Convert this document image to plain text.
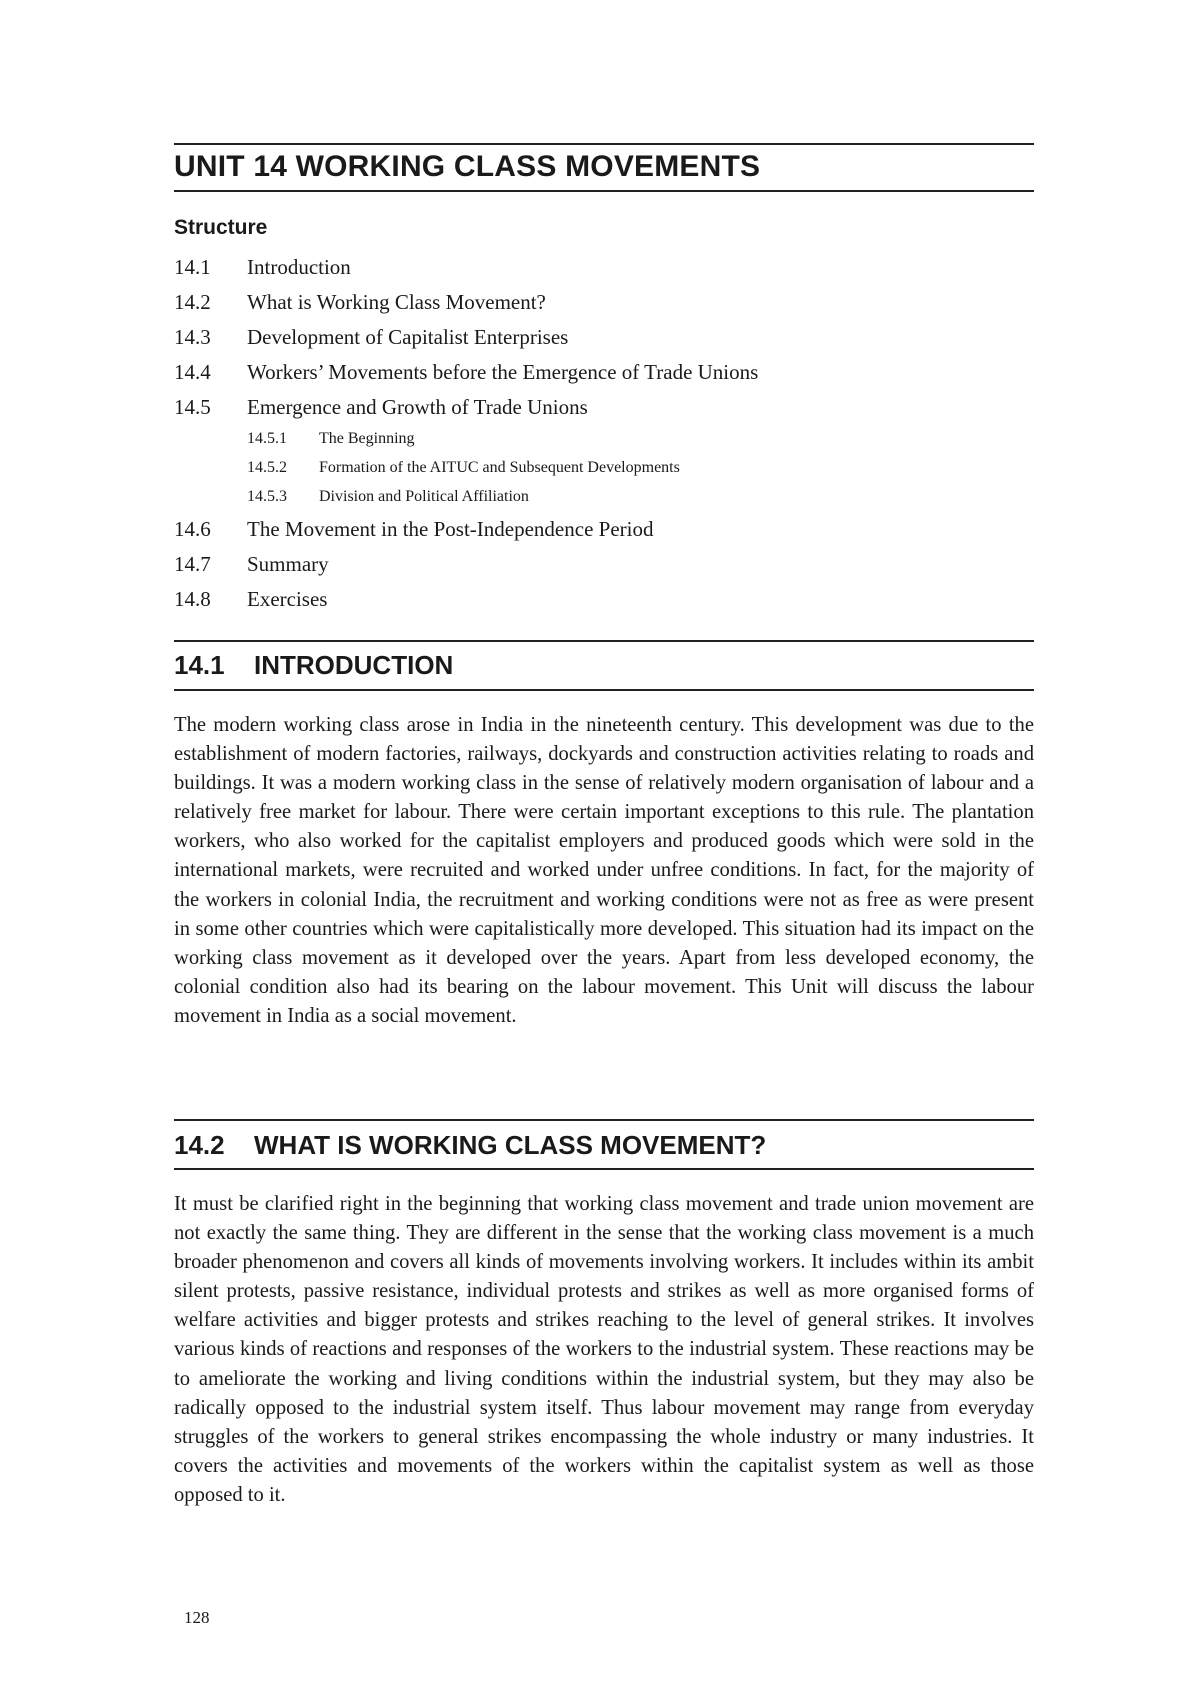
UNIT 14 WORKING CLASS MOVEMENTS
Structure
14.1 Introduction
14.2 What is Working Class Movement?
14.3 Development of Capitalist Enterprises
14.4 Workers’ Movements before the Emergence of Trade Unions
14.5 Emergence and Growth of Trade Unions
14.5.1 The Beginning
14.5.2 Formation of the AITUC and Subsequent Developments
14.5.3 Division and Political Affiliation
14.6 The Movement in the Post-Independence Period
14.7 Summary
14.8 Exercises
14.1 INTRODUCTION

The modern working class arose in India in the nineteenth century. This development was due to the establishment of modern factories, railways, dockyards and construction activities relating to roads and buildings. It was a modern working class in the sense of relatively modern organisation of labour and a relatively free market for labour. There were certain important exceptions to this rule. The plantation workers, who also worked for the capitalist employers and produced goods which were sold in the international markets, were recruited and worked under unfree conditions. In fact, for the majority of the workers in colonial India, the recruitment and working conditions were not as free as were present in some other countries which were capitalistically more developed. This situation had its impact on the working class movement as it developed over the years. Apart from less developed economy, the colonial condition also had its bearing on the labour movement. This Unit will discuss the labour movement in India as a social movement.

14.2 WHAT IS WORKING CLASS MOVEMENT?

It must be clarified right in the beginning that working class movement and trade union movement are not exactly the same thing. They are different in the sense that the working class movement is a much broader phenomenon and covers all kinds of movements involving workers. It includes within its ambit silent protests, passive resistance, individual protests and strikes as well as more organised forms of welfare activities and bigger protests and strikes reaching to the level of general strikes. It involves various kinds of reactions and responses of the workers to the industrial system. These reactions may be to ameliorate the working and living conditions within the industrial system, but they may also be radically opposed to the industrial system itself. Thus labour movement may range from everyday struggles of the workers to general strikes encompassing the whole industry or many industries. It covers the activities and movements of the workers within the capitalist system as well as those opposed to it.

128
